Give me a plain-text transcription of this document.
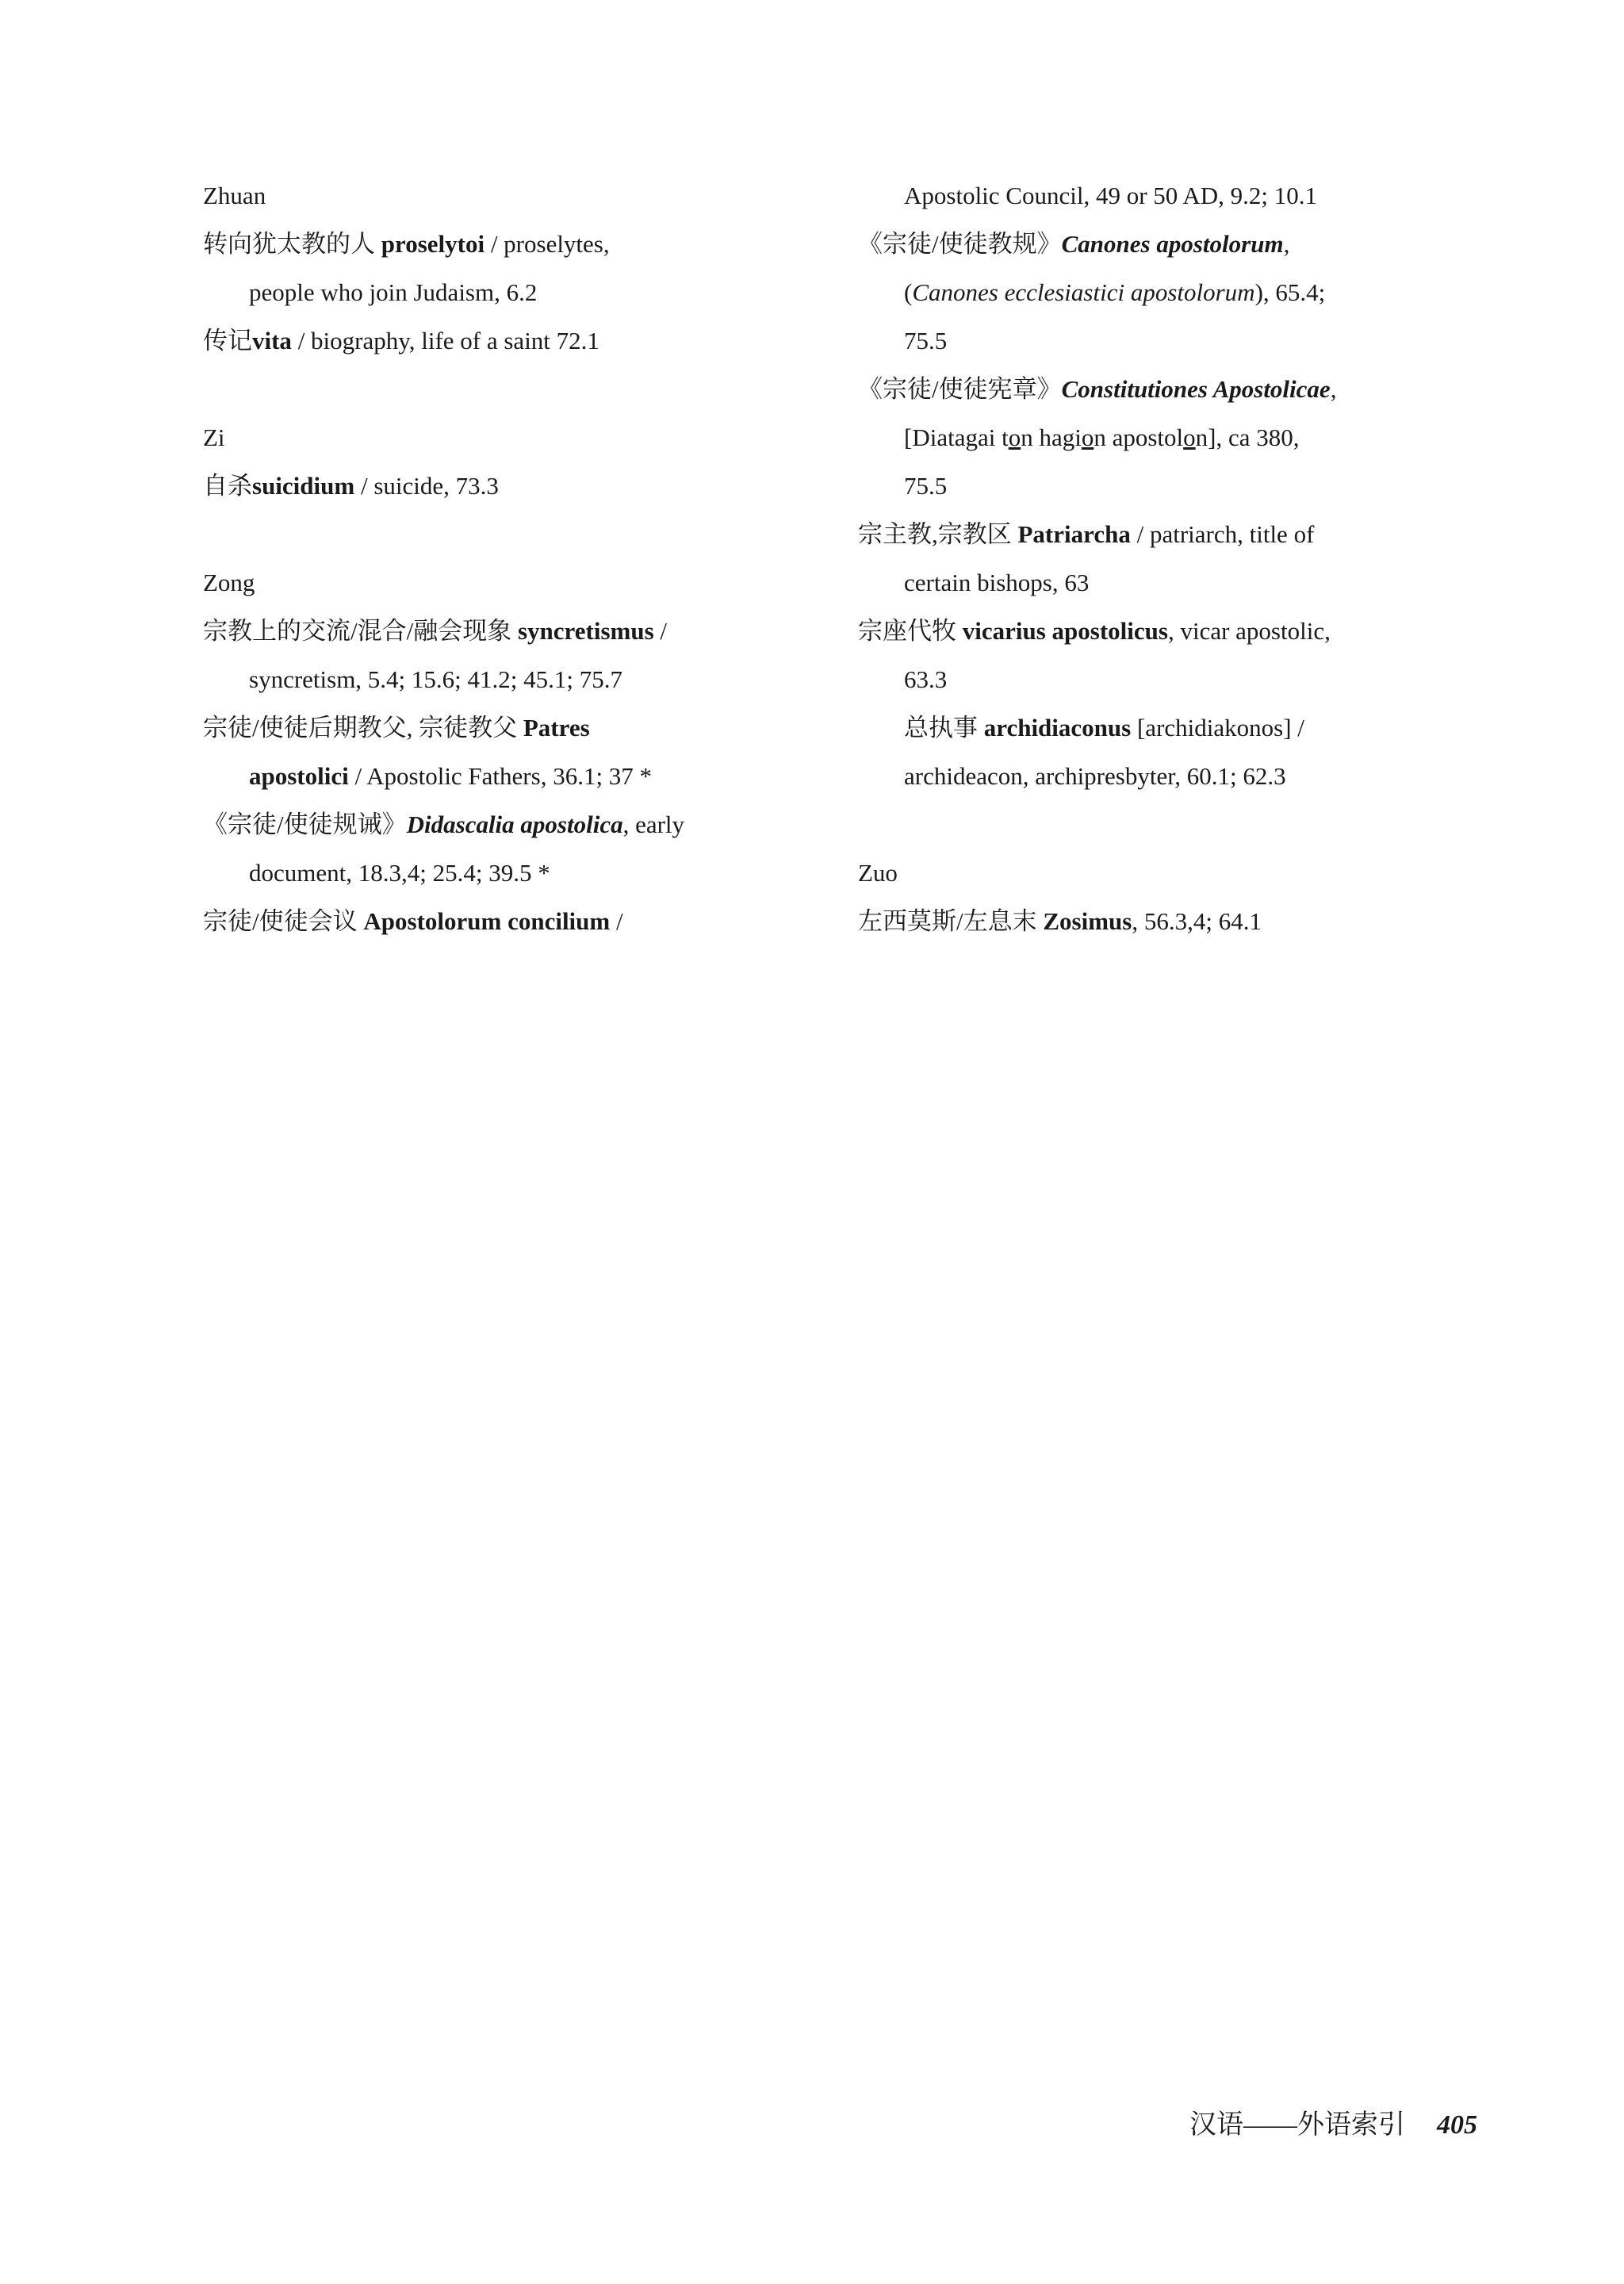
Zhuan
转向犹太教的人 proselytoi / proselytes,
people who join Judaism, 6.2
传记vita / biography, life of a saint 72.1
Zi
自杀suicidium / suicide, 73.3
Zong
宗教上的交流/混合/融会现象 syncretismus /
syncretism, 5.4; 15.6; 41.2; 45.1; 75.7
宗徒/使徒后期教父, 宗徒教父 Patres
apostolici / Apostolic Fathers, 36.1; 37 *
《宗徒/使徒规诫》Didascalia apostolica, early
document, 18.3,4; 25.4; 39.5 *
宗徒/使徒会议 Apostolorum concilium /
Apostolic Council, 49 or 50 AD, 9.2; 10.1
《宗徒/使徒教规》Canones apostolorum,
(Canones ecclesiastici apostolorum), 65.4;
75.5
《宗徒/使徒宪章》Constitutiones Apostolicae,
[Diatagai ton hagion apostolon], ca 380,
75.5
宗主教,宗教区 Patriarcha / patriarch, title of
certain bishops, 63
宗座代牧 vicarius apostolicus, vicar apostolic,
63.3
总执事 archidiaconus [archidiakonos] /
archideacon, archipresbyter, 60.1; 62.3
Zuo
左西莫斯/左息末 Zosimus, 56.3,4; 64.1
汉语——外语索引 405
